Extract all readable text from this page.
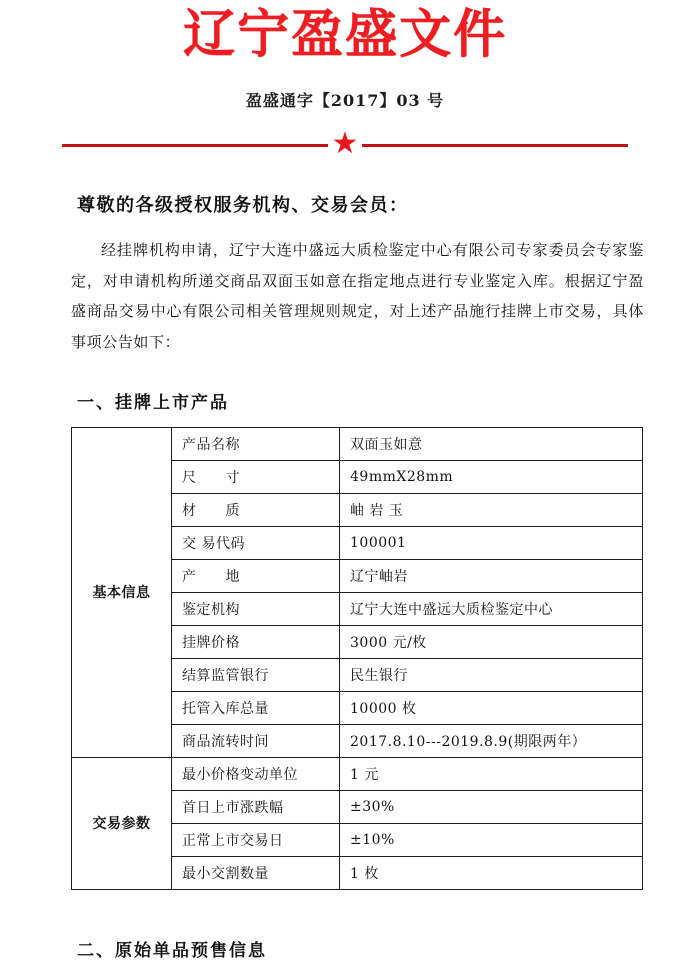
辽宁盈盛文件
盈盛通字【2017】03 号
★
尊敬的各级授权服务机构、交易会员：

经挂牌机构申请，辽宁大连中盛远大质检鉴定中心有限公司专家委员会专家鉴定，对申请机构所递交商品双面玉如意在指定地点进行专业鉴定入库。根据辽宁盈盛商品交易中心有限公司相关管理规则规定，对上述产品施行挂牌上市交易，具体事项公告如下：

一、挂牌上市产品
基本信息	产品名称	双面玉如意
	尺　　寸	49mmX28mm
	材　　质	岫 岩 玉
	交 易代码	100001
	产　　地	辽宁岫岩
	鉴定机构	辽宁大连中盛远大质检鉴定中心
	挂牌价格	3000 元/枚
	结算监管银行	民生银行
	托管入库总量	10000 枚
	商品流转时间	2017.8.10---2019.8.9(期限两年）
交易参数	最小价格变动单位	1 元
	首日上市涨跌幅	±30%
	正常上市交易日	±10%
	最小交割数量	1 枚
二、原始单品预售信息
